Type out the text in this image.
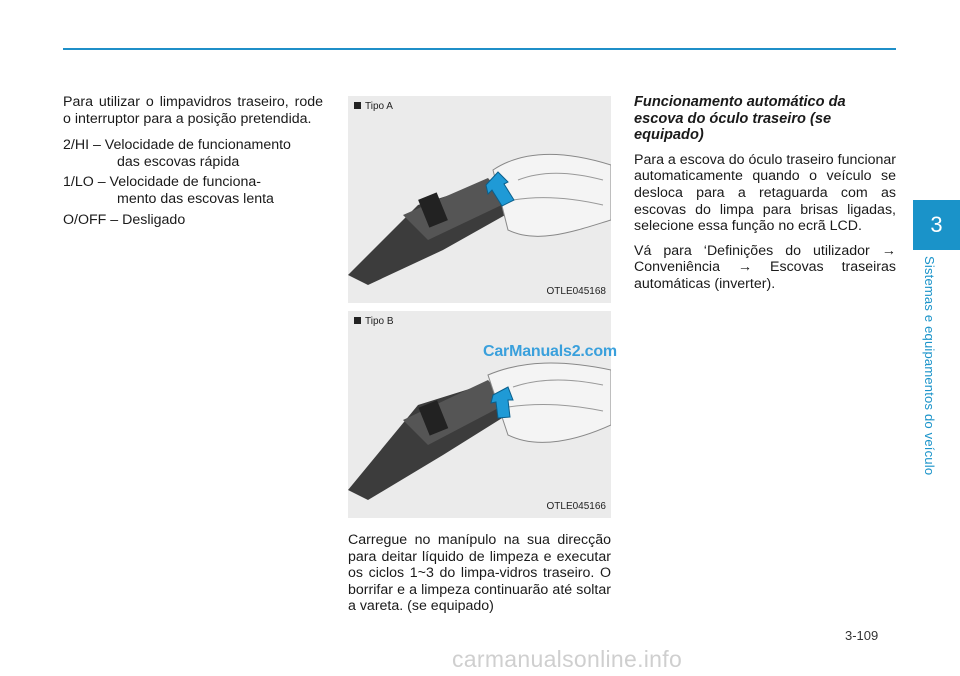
Para utilizar o limpavidros traseiro, rode o interruptor para a posição pretendida.

2/HI – Velocidade de funcionamento
das escovas rápida
1/LO – Velocidade de funciona-
mento das escovas lenta

O/OFF – Desligado

Tipo A
OTLE045168
Tipo B
CarManuals2.com
OTLE045166
Carregue no manípulo na sua direcção para deitar líquido de limpeza e executar os ciclos 1~3 do limpa-vidros traseiro. O borrifar e a limpeza continuarão até soltar a vareta. (se equipado)
Funcionamento automático da escova do óculo traseiro (se equipado)

Para a escova do óculo traseiro funcionar automaticamente quando o veículo se desloca para a retaguarda com as escovas do limpa para brisas ligadas, selecione essa função no ecrã LCD.

Vá para ‘Definições do utilizador → Conveniência → Escovas traseiras automáticas (inverter).

3
Sistemas e equipamentos do veículo
3-109
carmanualsonline.info
